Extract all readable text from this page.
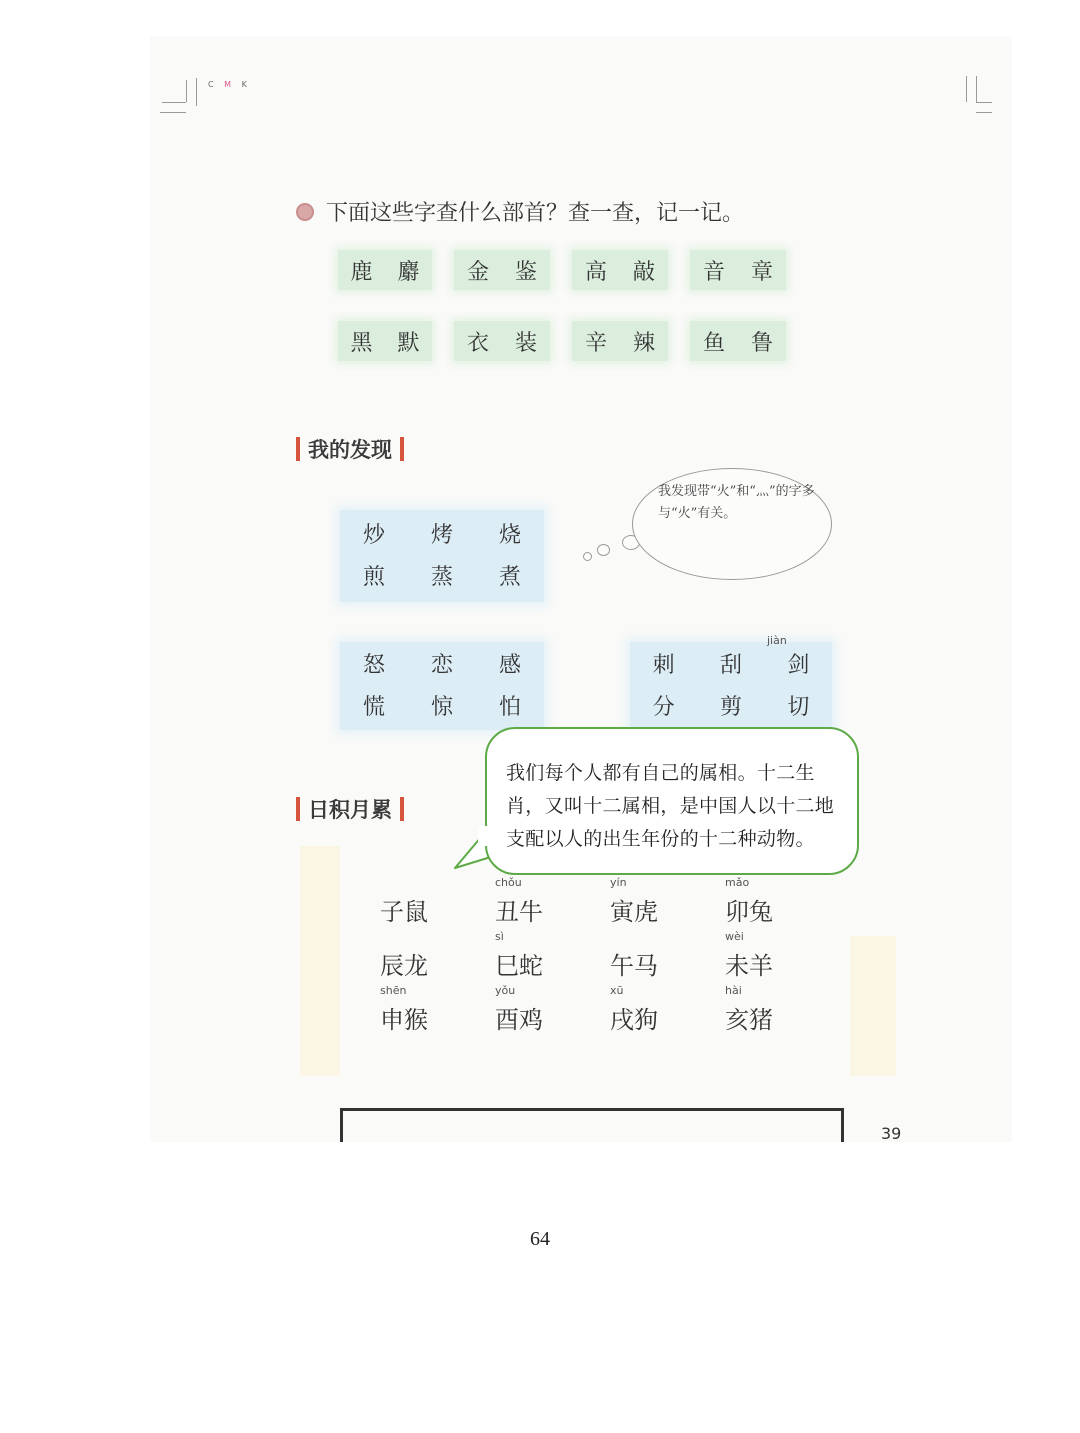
C M K
下面这些字查什么部首？查一查，记一记。
鹿 麝 金 鉴 高 敲 音 章
黑 默 衣 装 辛 辣 鱼 鲁
我的发现
炒 烤 烧
煎 蒸 煮
我发现带“火”和“灬”的字多与“火”有关。
怒 恋 感
慌 惊 怕
刺 刮 剑
分 剪 切
jiàn
日积月累
子鼠
chǒu
丑牛
yín
寅虎
mǎo
卯兔
辰龙
sì
巳蛇	午马
wèi
未羊
shēn
申猴
yǒu
酉鸡
xū
戌狗
hài
亥猪
39
我们每个人都有自己的属相。十二生肖，又叫十二属相，是中国人以十二地支配以人的出生年份的十二种动物。
64
